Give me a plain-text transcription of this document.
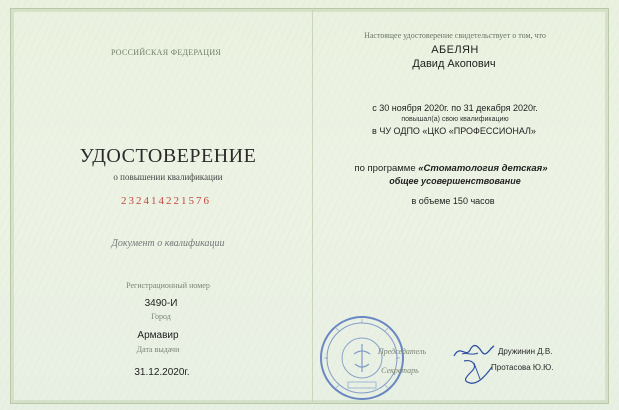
РОССИЙСКАЯ ФЕДЕРАЦИЯ
УДОСТОВЕРЕНИЕ
о повышении квалификации
232414221576
Документ о квалификации
Регистрационный номер
3490-И
Город
Армавир
Дата выдачи
31.12.2020г.
Настоящее удостоверение свидетельствует о том, что
АБЕЛЯН
Давид Акопович
с 30 ноября 2020г. по 31 декабря 2020г.
повышал(а) свою квалификацию
в ЧУ ОДПО «ЦКО «ПРОФЕССИОНАЛ»
по программе «Стоматология детская»
общее усовершенствование
в объеме 150 часов
Председатель
Секретарь
Дружинин Д.В.
Протасова Ю.Ю.
